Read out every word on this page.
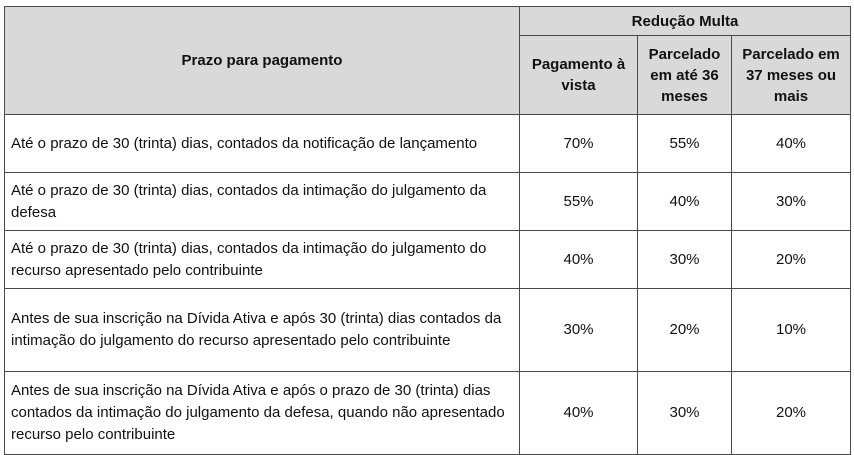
Prazo para pagamento	Redução Multa		
	Pagamento à vista	Parcelado em até 36 meses	Parcelado em 37 meses ou mais
Até o prazo de 30 (trinta) dias, contados da notificação de lançamento	70%	55%	40%
Até o prazo de 30 (trinta) dias, contados da intimação do julgamento da defesa	55%	40%	30%
Até o prazo de 30 (trinta) dias, contados da intimação do julgamento do recurso apresentado pelo contribuinte	40%	30%	20%
Antes de sua inscrição na Dívida Ativa e após 30 (trinta) dias contados da intimação do julgamento do recurso apresentado pelo contribuinte	30%	20%	10%
Antes de sua inscrição na Dívida Ativa e após o prazo de 30 (trinta) dias contados da intimação do julgamento da defesa, quando não apresentado recurso pelo contribuinte	40%	30%	20%
